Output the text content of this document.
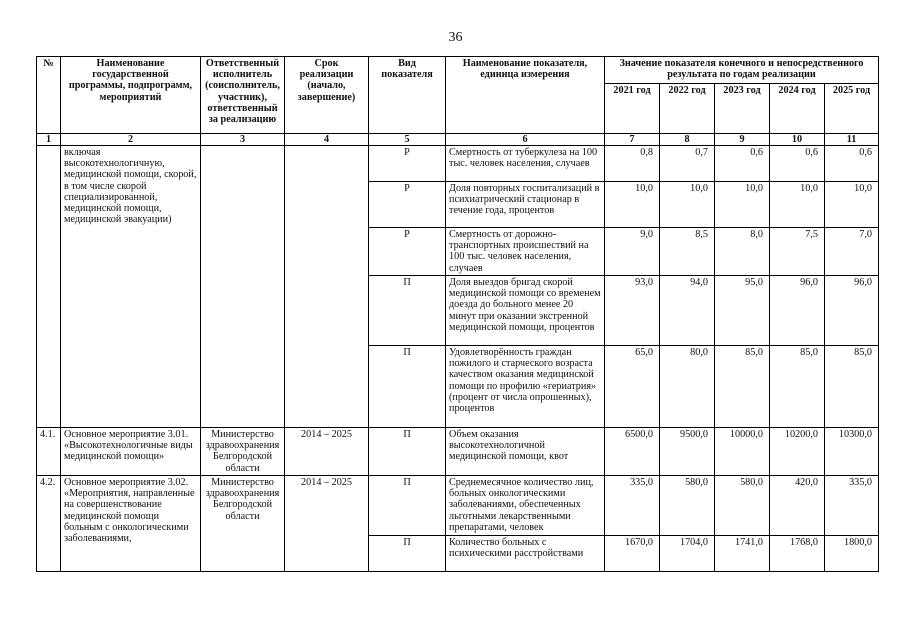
36
№	Наименование государственной программы, подпрограмм, мероприятий	Ответственный исполнитель (соисполнитель, участник), ответственный за реализацию	Срок реализации (начало, завершение)	Вид показателя	Наименование показателя, единица измерения	Значение показателя конечного и непосредственного результата по годам реализации				
						2021 год	2022 год	2023 год	2024 год	2025 год
1	2	3	4	5	6	7	8	9	10	11
	включая высокотехнологичную, медицинской помощи, скорой, в том числе скорой специализированной, медицинской помощи, медицинской эвакуации)			Р	Смертность от туберкулеза на 100 тыс. человек населения, случаев	0,8	0,7	0,6	0,6	0,6
				Р	Доля повторных госпитализаций в психиатрический стационар в течение года, процентов	10,0	10,0	10,0	10,0	10,0
				Р	Смертность от дорожно-транспортных происшествий на 100 тыс. человек населения, случаев	9,0	8,5	8,0	7,5	7,0
				П	Доля выездов бригад скорой медицинской помощи со временем доезда до больного менее 20 минут при оказании экстренной медицинской помощи, процентов	93,0	94,0	95,0	96,0	96,0
				П	Удовлетворённость граждан пожилого и старческого возраста качеством оказания медицинской помощи по профилю «гериатрия» (процент от числа опрошенных), процентов	65,0	80,0	85,0	85,0	85,0
4.1.	Основное мероприятие 3.01. «Высокотехнологичные виды медицинской помощи»	Министерство здравоохранения Белгородской области	2014 – 2025	П	Объем оказания высокотехнологичной медицинской помощи, квот	6500,0	9500,0	10000,0	10200,0	10300,0
4.2.	Основное мероприятие 3.02. «Мероприятия, направленные на совершенствование медицинской помощи больным с онкологическими заболеваниями,	Министерство здравоохранения Белгородской области	2014 – 2025	П	Среднемесячное количество лиц, больных онкологическими заболеваниями, обеспеченных льготными лекарственными препаратами, человек	335,0	580,0	580,0	420,0	335,0
				П	Количество больных с психическими расстройствами	1670,0	1704,0	1741,0	1768,0	1800,0
